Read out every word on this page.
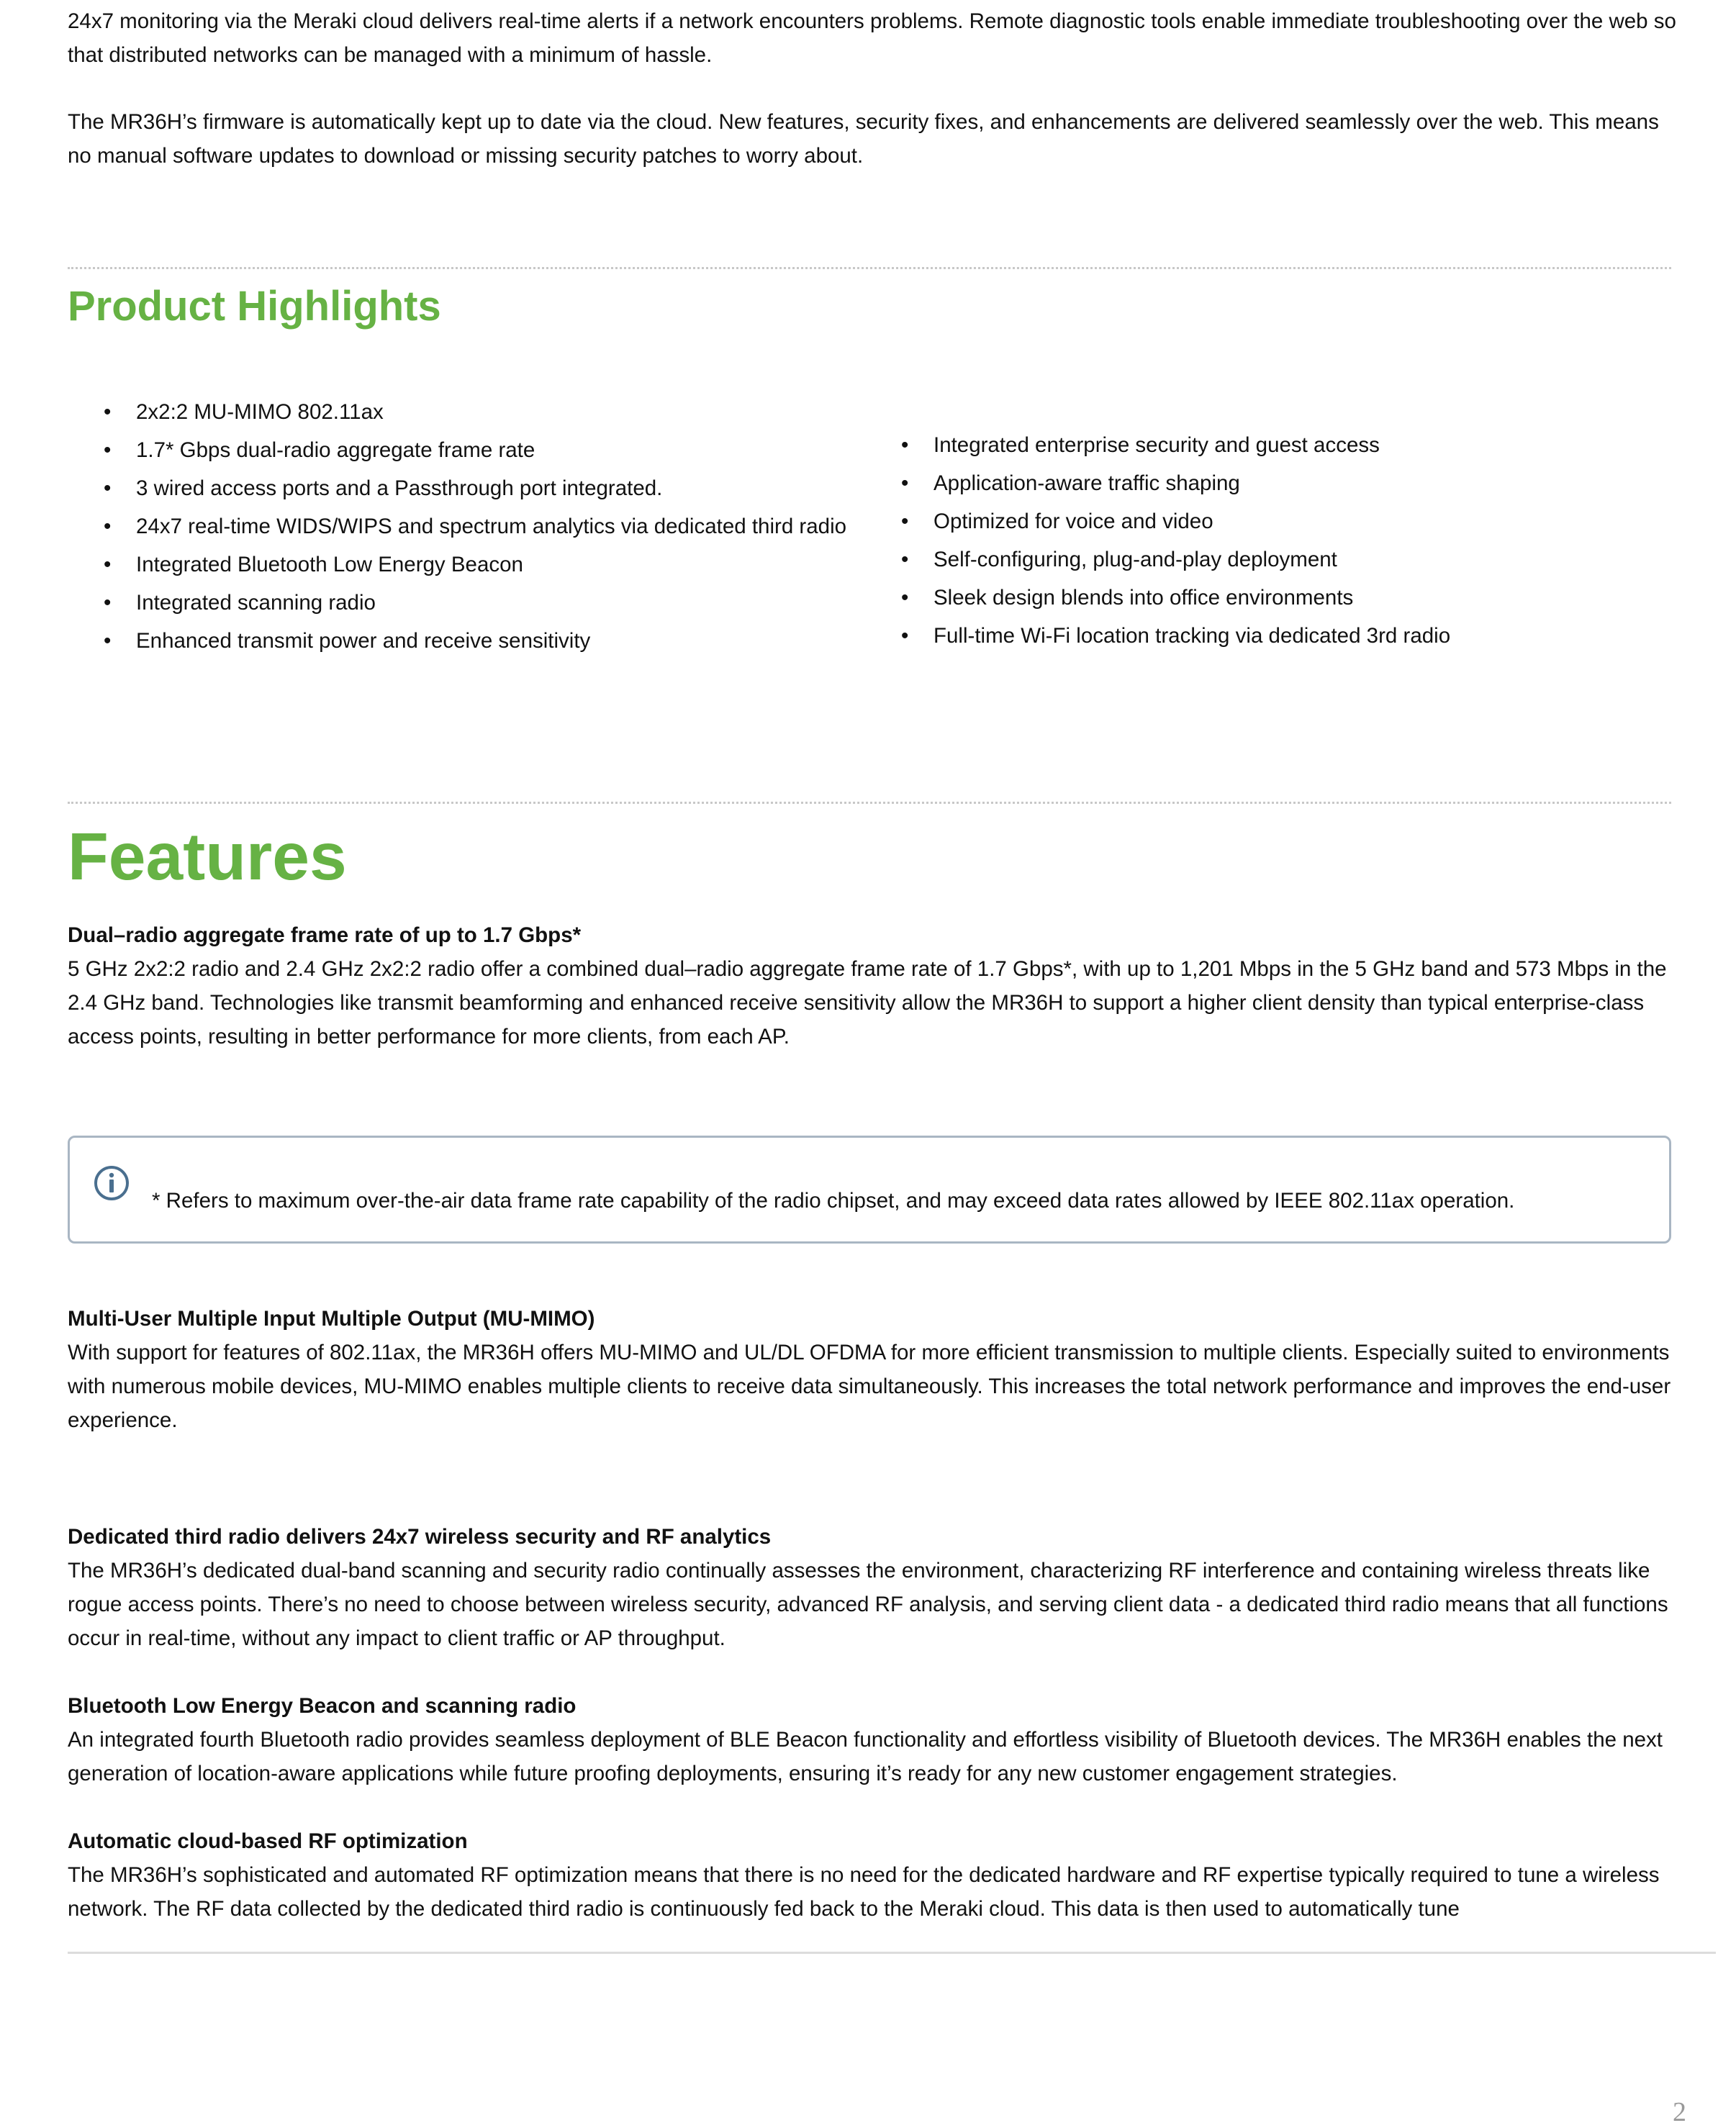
24x7 monitoring via the Meraki cloud delivers real-time alerts if a network encounters problems. Remote diagnostic tools enable immediate troubleshooting over the web so that distributed networks can be managed with a minimum of hassle.

The MR36H’s firmware is automatically kept up to date via the cloud. New features, security fixes, and enhancements are delivered seamlessly over the web. This means no manual software updates to download or missing security patches to worry about.

Product Highlights
• 2x2:2 MU-MIMO 802.11ax
• 1.7* Gbps dual-radio aggregate frame rate
• 3 wired access ports and a Passthrough port integrated.
• 24x7 real-time WIDS/WIPS and spectrum analytics via dedicated third radio
• Integrated Bluetooth Low Energy Beacon
• Integrated scanning radio
• Enhanced transmit power and receive sensitivity
• Integrated enterprise security and guest access
• Application-aware traffic shaping
• Optimized for voice and video
• Self-configuring, plug-and-play deployment
• Sleek design blends into office environments
• Full-time Wi-Fi location tracking via dedicated 3rd radio
Features
Dual–radio aggregate frame rate of up to 1.7 Gbps*

5 GHz 2x2:2 radio and 2.4 GHz 2x2:2 radio offer a combined dual–radio aggregate frame rate of 1.7 Gbps*, with up to 1,201 Mbps in the 5 GHz band and 573 Mbps in the 2.4 GHz band. Technologies like transmit beamforming and enhanced receive sensitivity allow the MR36H to support a higher client density than typical enterprise-class access points, resulting in better performance for more clients, from each AP.

* Refers to maximum over-the-air data frame rate capability of the radio chipset, and may exceed data rates allowed by IEEE 802.11ax operation.
Multi-User Multiple Input Multiple Output (MU-MIMO)

With support for features of 802.11ax, the MR36H offers MU-MIMO and UL/DL OFDMA for more efficient transmission to multiple clients. Especially suited to environments with numerous mobile devices, MU-MIMO enables multiple clients to receive data simultaneously. This increases the total network performance and improves the end-user experience.

Dedicated third radio delivers 24x7 wireless security and RF analytics

The MR36H’s dedicated dual-band scanning and security radio continually assesses the environment, characterizing RF interference and containing wireless threats like rogue access points. There’s no need to choose between wireless security, advanced RF analysis, and serving client data - a dedicated third radio means that all functions occur in real-time, without any impact to client traffic or AP throughput.

Bluetooth Low Energy Beacon and scanning radio

An integrated fourth Bluetooth radio provides seamless deployment of BLE Beacon functionality and effortless visibility of Bluetooth devices. The MR36H enables the next generation of location-aware applications while future proofing deployments, ensuring it’s ready for any new customer engagement strategies.

Automatic cloud-based RF optimization

The MR36H’s sophisticated and automated RF optimization means that there is no need for the dedicated hardware and RF expertise typically required to tune a wireless network. The RF data collected by the dedicated third radio is continuously fed back to the Meraki cloud. This data is then used to automatically tune

2
